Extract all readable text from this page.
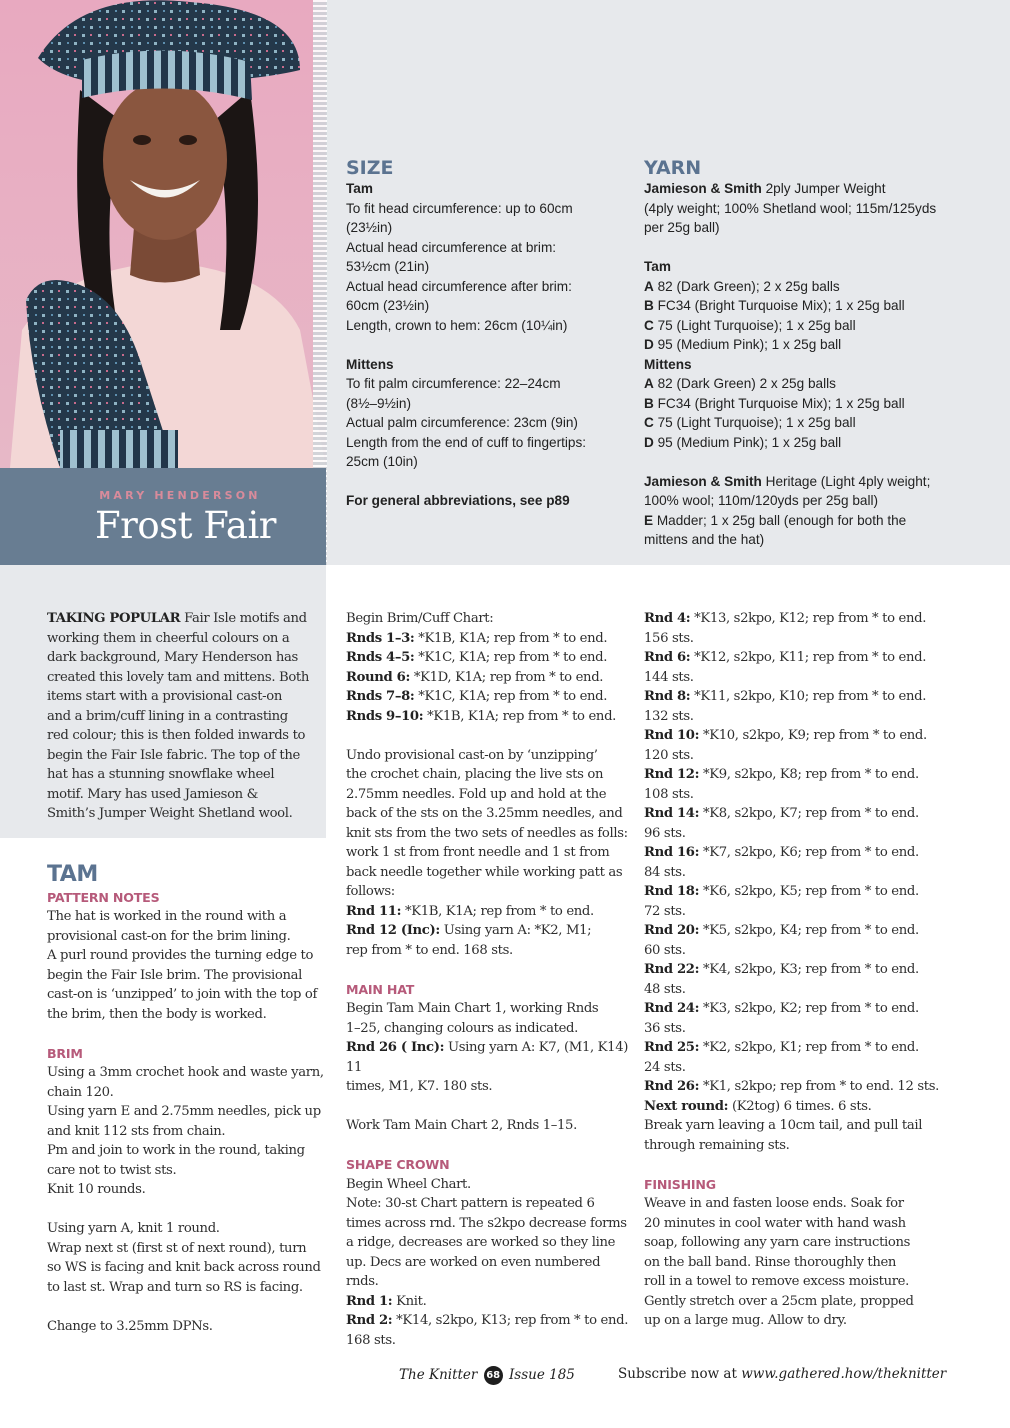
MARY HENDERSON
Frost Fair
SIZE
Tam
To fit head circumference: up to 60cm
(23½in)
Actual head circumference at brim:
53½cm (21in)
Actual head circumference after brim:
60cm (23½in)
Length, crown to hem: 26cm (10¼in)
Mittens
To fit palm circumference: 22–24cm
(8½–9½in)
Actual palm circumference: 23cm (9in)
Length from the end of cuff to fingertips:
25cm (10in)
For general abbreviations, see p89
YARN
Jamieson & Smith 2ply Jumper Weight
(4ply weight; 100% Shetland wool; 115m/125yds
per 25g ball)
Tam
A 82 (Dark Green); 2 x 25g balls
B FC34 (Bright Turquoise Mix); 1 x 25g ball
C 75 (Light Turquoise); 1 x 25g ball
D 95 (Medium Pink); 1 x 25g ball
Mittens
A 82 (Dark Green) 2 x 25g balls
B FC34 (Bright Turquoise Mix); 1 x 25g ball
C 75 (Light Turquoise); 1 x 25g ball
D 95 (Medium Pink); 1 x 25g ball
Jamieson & Smith Heritage (Light 4ply weight;
100% wool; 110m/120yds per 25g ball)
E Madder; 1 x 25g ball (enough for both the
mittens and the hat)

TAKING POPULAR Fair Isle motifs and

working them in cheerful colours on a

dark background, Mary Henderson has

created this lovely tam and mittens. Both

items start with a provisional cast-on

and a brim/cuff lining in a contrasting

red colour; this is then folded inwards to

begin the Fair Isle fabric. The top of the

hat has a stunning snowflake wheel

motif. Mary has used Jamieson &

Smith’s Jumper Weight Shetland wool.

TAM
PATTERN NOTES

The hat is worked in the round with a

provisional cast-on for the brim lining.

A purl round provides the turning edge to

begin the Fair Isle brim. The provisional

cast-on is ‘unzipped’ to join with the top of

the brim, then the body is worked.

BRIM

Using a 3mm crochet hook and waste yarn,

chain 120.

Using yarn E and 2.75mm needles, pick up

and knit 112 sts from chain.

Pm and join to work in the round, taking

care not to twist sts.

Knit 10 rounds.

Using yarn A, knit 1 round.

Wrap next st (first st of next round), turn

so WS is facing and knit back across round

to last st. Wrap and turn so RS is facing.

Change to 3.25mm DPNs.

Begin Brim/Cuff Chart:

Rnds 1–3: *K1B, K1A; rep from * to end.

Rnds 4–5: *K1C, K1A; rep from * to end.

Round 6: *K1D, K1A; rep from * to end.

Rnds 7–8: *K1C, K1A; rep from * to end.

Rnds 9–10: *K1B, K1A; rep from * to end.

Undo provisional cast-on by ‘unzipping’

the crochet chain, placing the live sts on

2.75mm needles. Fold up and hold at the

back of the sts on the 3.25mm needles, and

knit sts from the two sets of needles as folls:

work 1 st from front needle and 1 st from

back needle together while working patt as

follows:

Rnd 11: *K1B, K1A; rep from * to end.

Rnd 12 (Inc): Using yarn A: *K2, M1;

rep from * to end. 168 sts.

MAIN HAT

Begin Tam Main Chart 1, working Rnds

1–25, changing colours as indicated.

Rnd 26 ( Inc): Using yarn A: K7, (M1, K14) 11

times, M1, K7. 180 sts.

Work Tam Main Chart 2, Rnds 1–15.

SHAPE CROWN

Begin Wheel Chart.

Note: 30-st Chart pattern is repeated 6

times across rnd. The s2kpo decrease forms

a ridge, decreases are worked so they line

up. Decs are worked on even numbered

rnds.

Rnd 1: Knit.

Rnd 2: *K14, s2kpo, K13; rep from * to end.

168 sts.

Rnd 4: *K13, s2kpo, K12; rep from * to end.

156 sts.

Rnd 6: *K12, s2kpo, K11; rep from * to end.

144 sts.

Rnd 8: *K11, s2kpo, K10; rep from * to end.

132 sts.

Rnd 10: *K10, s2kpo, K9; rep from * to end.

120 sts.

Rnd 12: *K9, s2kpo, K8; rep from * to end.

108 sts.

Rnd 14: *K8, s2kpo, K7; rep from * to end.

96 sts.

Rnd 16: *K7, s2kpo, K6; rep from * to end.

84 sts.

Rnd 18: *K6, s2kpo, K5; rep from * to end.

72 sts.

Rnd 20: *K5, s2kpo, K4; rep from * to end.

60 sts.

Rnd 22: *K4, s2kpo, K3; rep from * to end.

48 sts.

Rnd 24: *K3, s2kpo, K2; rep from * to end.

36 sts.

Rnd 25: *K2, s2kpo, K1; rep from * to end.

24 sts.

Rnd 26: *K1, s2kpo; rep from * to end. 12 sts.

Next round: (K2tog) 6 times. 6 sts.

Break yarn leaving a 10cm tail, and pull tail

through remaining sts.

FINISHING

Weave in and fasten loose ends. Soak for

20 minutes in cool water with hand wash

soap, following any yarn care instructions

on the ball band. Rinse thoroughly then

roll in a towel to remove excess moisture.

Gently stretch over a 25cm plate, propped

up on a large mug. Allow to dry.

The Knitter 68 Issue 185	Subscribe now at www.gathered.how/theknitter
